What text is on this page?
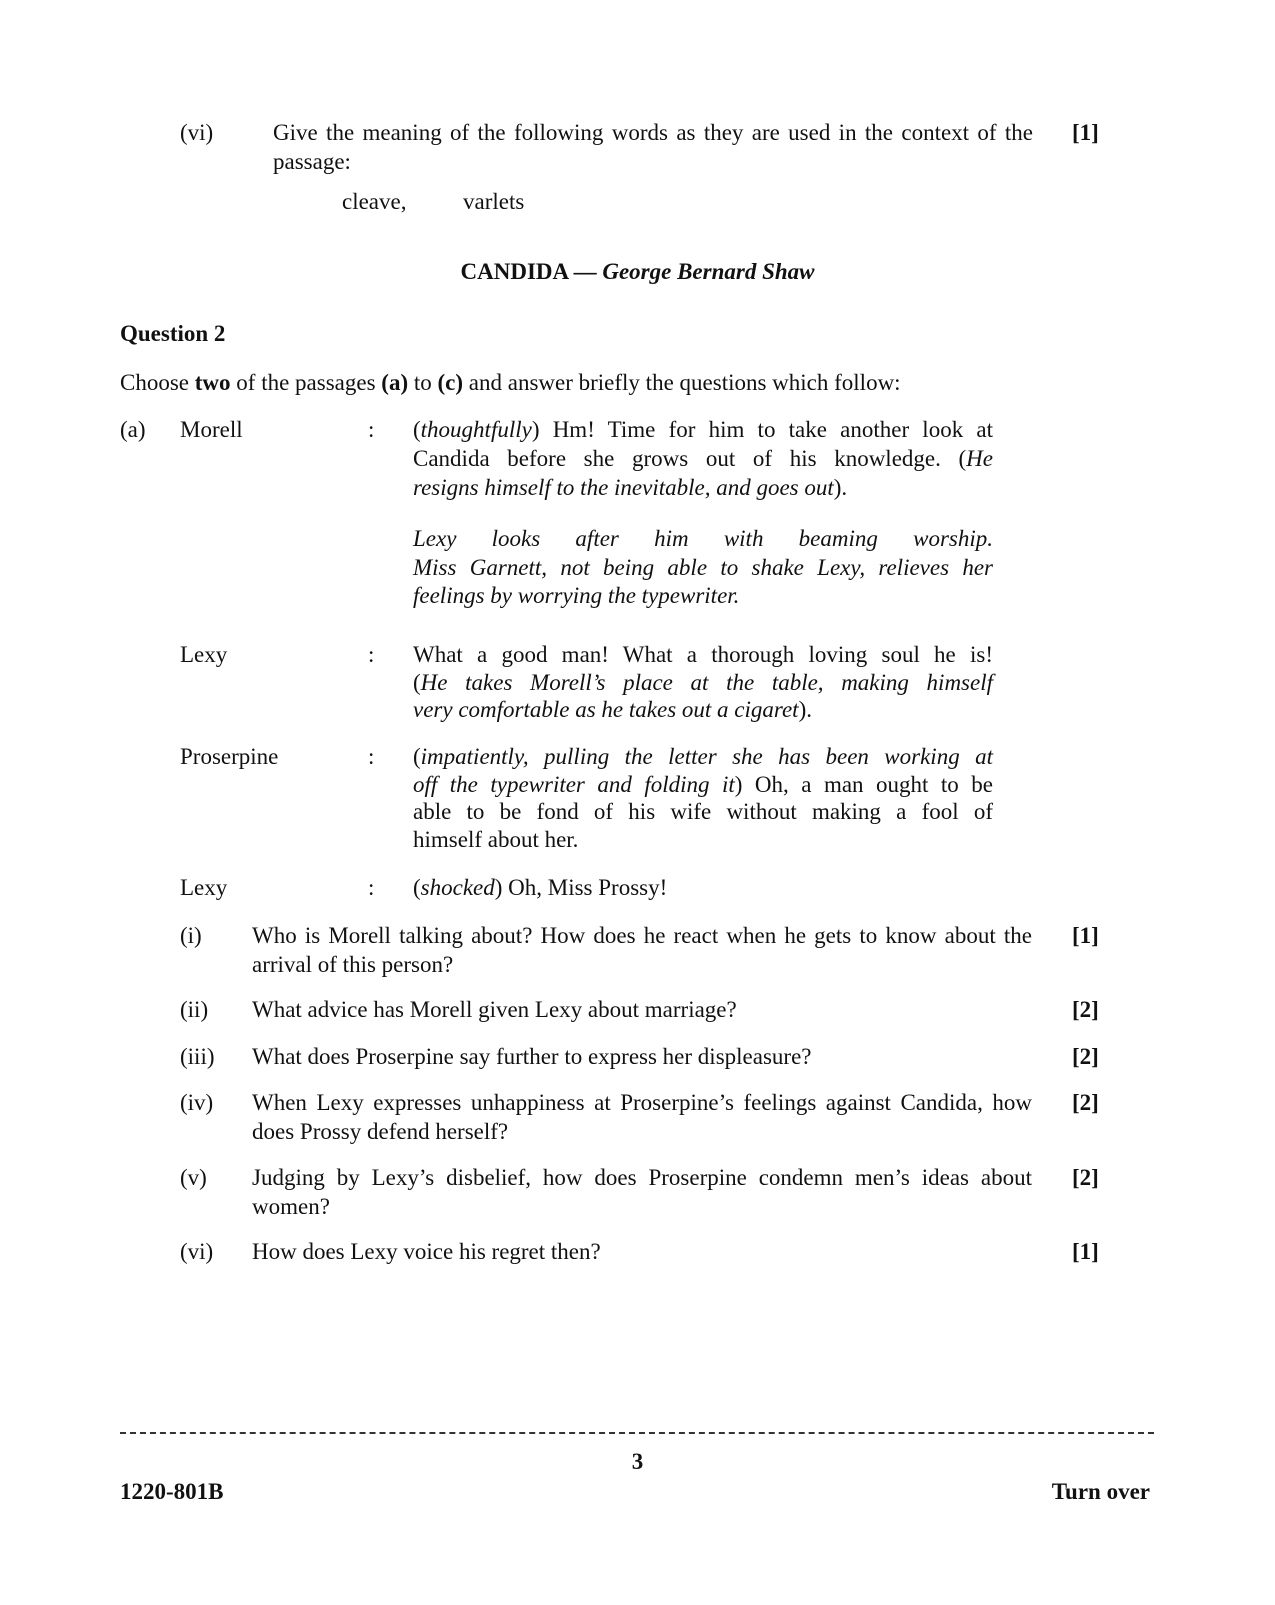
(vi)	Give the meaning of the following words as they are used in the context of the passage:
[1]
cleave, varlets
CANDIDA — George Bernard Shaw
Question 2
Choose two of the passages (a) to (c) and answer briefly the questions which follow:
(a) Morell	: (thoughtfully) Hm! Time for him to take another look at
Candida before she grows out of his knowledge. (He
resigns himself to the inevitable, and goes out).
Lexy looks after him with beaming worship.
Miss Garnett, not being able to shake Lexy, relieves her
feelings by worrying the typewriter.
Lexy	: What a good man! What a thorough loving soul he is!
(He takes Morell’s place at the table, making himself
very comfortable as he takes out a cigaret).
Proserpine	: (impatiently, pulling the letter she has been working at
off the typewriter and folding it) Oh, a man ought to be
able to be fond of his wife without making a fool of
himself about her.
Lexy	: (shocked) Oh, Miss Prossy!
(i) Who is Morell talking about? How does he react when he gets to know about the arrival of this person?
[1]
(ii) What advice has Morell given Lexy about marriage?	[2]
(iii) What does Proserpine say further to express her displeasure?	[2]
(iv) When Lexy expresses unhappiness at Proserpine’s feelings against Candida, how does Prossy defend herself?
[2]
(v) Judging by Lexy’s disbelief, how does Proserpine condemn men’s ideas about women?
[2]
(vi) How does Lexy voice his regret then?	[1]
3
1220-801B	Turn over
